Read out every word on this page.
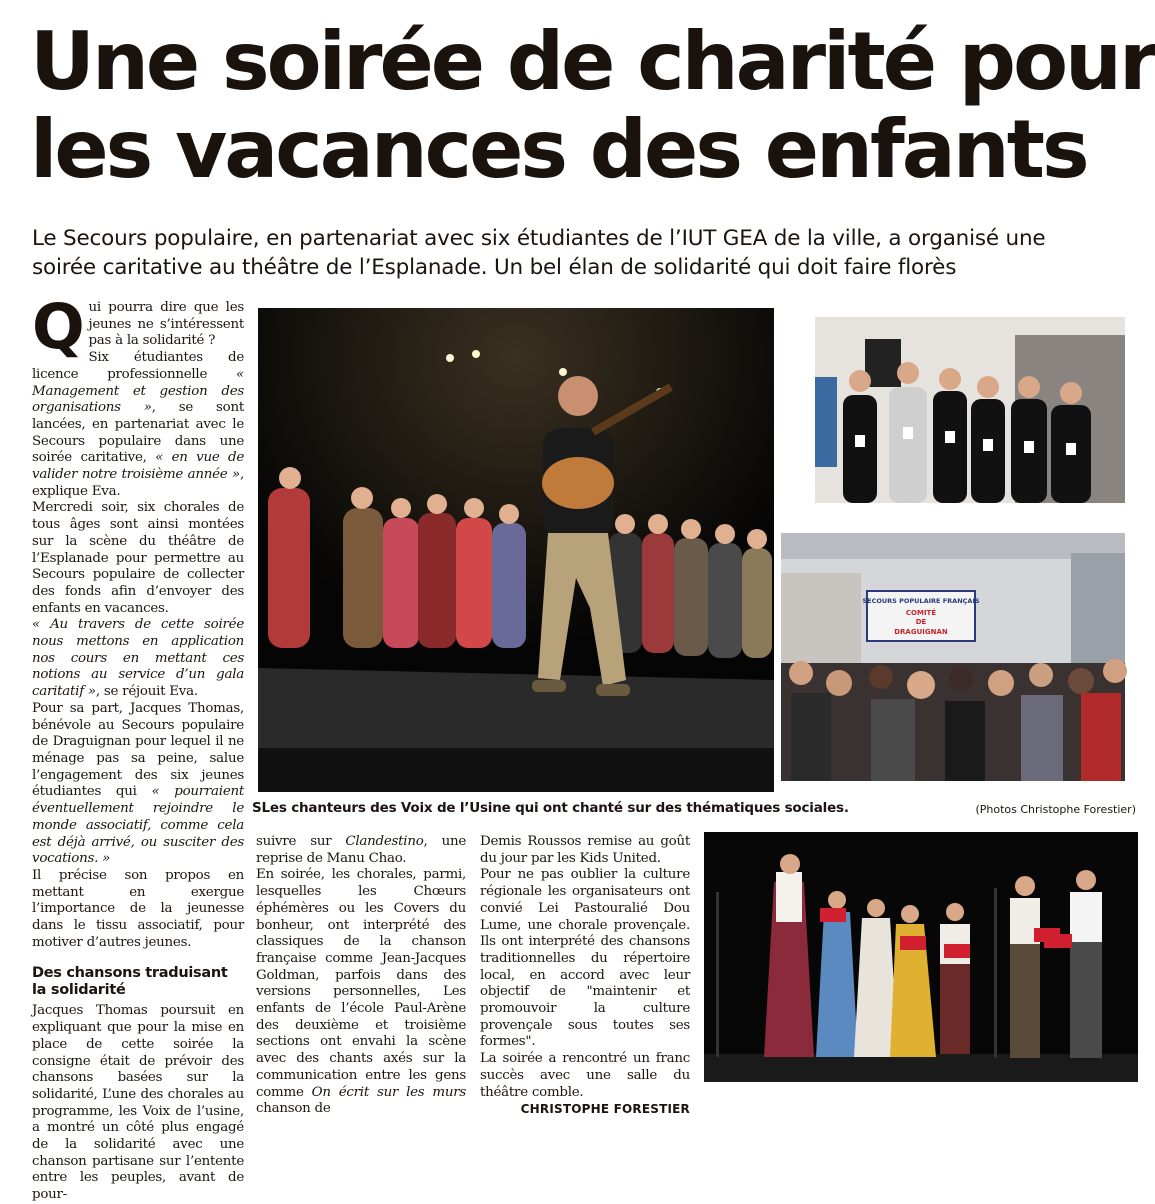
Une soirée de charité pour
les vacances des enfants
Le Secours populaire, en partenariat avec six étudiantes de l’IUT GEA de la ville, a organisé une
soirée caritative au théâtre de l’Esplanade. Un bel élan de solidarité qui doit faire florès

Qui pourra dire que les jeunes ne s’intéressent pas à la solidarité ?

Six étudiantes de licence professionnelle « Management et gestion des organisations », se sont lancées, en partenariat avec le Secours populaire dans une soirée caritative, « en vue de valider notre troisième année », explique Eva.

Mercredi soir, six chorales de tous âges sont ainsi montées sur la scène du théâtre de l’Esplanade pour permettre au Secours populaire de collecter des fonds afin d’envoyer des enfants en vacances.

« Au travers de cette soirée nous mettons en application nos cours en mettant ces notions au service d’un gala caritatif », se réjouit Eva.

Pour sa part, Jacques Thomas, bénévole au Secours populaire de Draguignan pour lequel il ne ménage pas sa peine, salue l’engagement des six jeunes étudiantes qui « pourraient éventuellement rejoindre le monde associatif, comme cela est déjà arrivé, ou susciter des vocations. »

Il précise son propos en mettant en exergue l’importance de la jeunesse dans le tissu associatif, pour motiver d’autres jeunes.

Des chansons traduisant la solidarité

Jacques Thomas poursuit en expliquant que pour la mise en place de cette soirée la consigne était de prévoir des chansons basées sur la solidarité, L’une des chorales au programme, les Voix de l’usine, a montré un côté plus engagé de la solidarité avec une chanson partisane sur l’entente entre les peuples, avant de pour-

suivre sur Clandestino, une reprise de Manu Chao.

En soirée, les chorales, parmi, lesquelles les Chœurs éphémères ou les Covers du bonheur, ont interprété des classiques de la chanson française comme Jean-Jacques Goldman, parfois dans des versions personnelles, Les enfants de l’école Paul-Arène des deuxième et troisième sections ont envahi la scène avec des chants axés sur la communication entre les gens comme On écrit sur les murs chanson de

Demis Roussos remise au goût du jour par les Kids United.

Pour ne pas oublier la culture régionale les organisateurs ont convié Lei Pastouralié Dou Lume, une chorale provençale. Ils ont interprété des chansons traditionnelles du répertoire local, en accord avec leur objectif de "maintenir et promouvoir la culture provençale sous toutes ses formes".

La soirée a rencontré un franc succès avec une salle du théâtre comble.

CHRISTOPHE FORESTIER

SECOURS POPULAIRE FRANÇAIS
COMITÉ
DE
DRAGUIGNAN
SLes chanteurs des Voix de l’Usine qui ont chanté sur des thématiques sociales.	(Photos Christophe Forestier)
